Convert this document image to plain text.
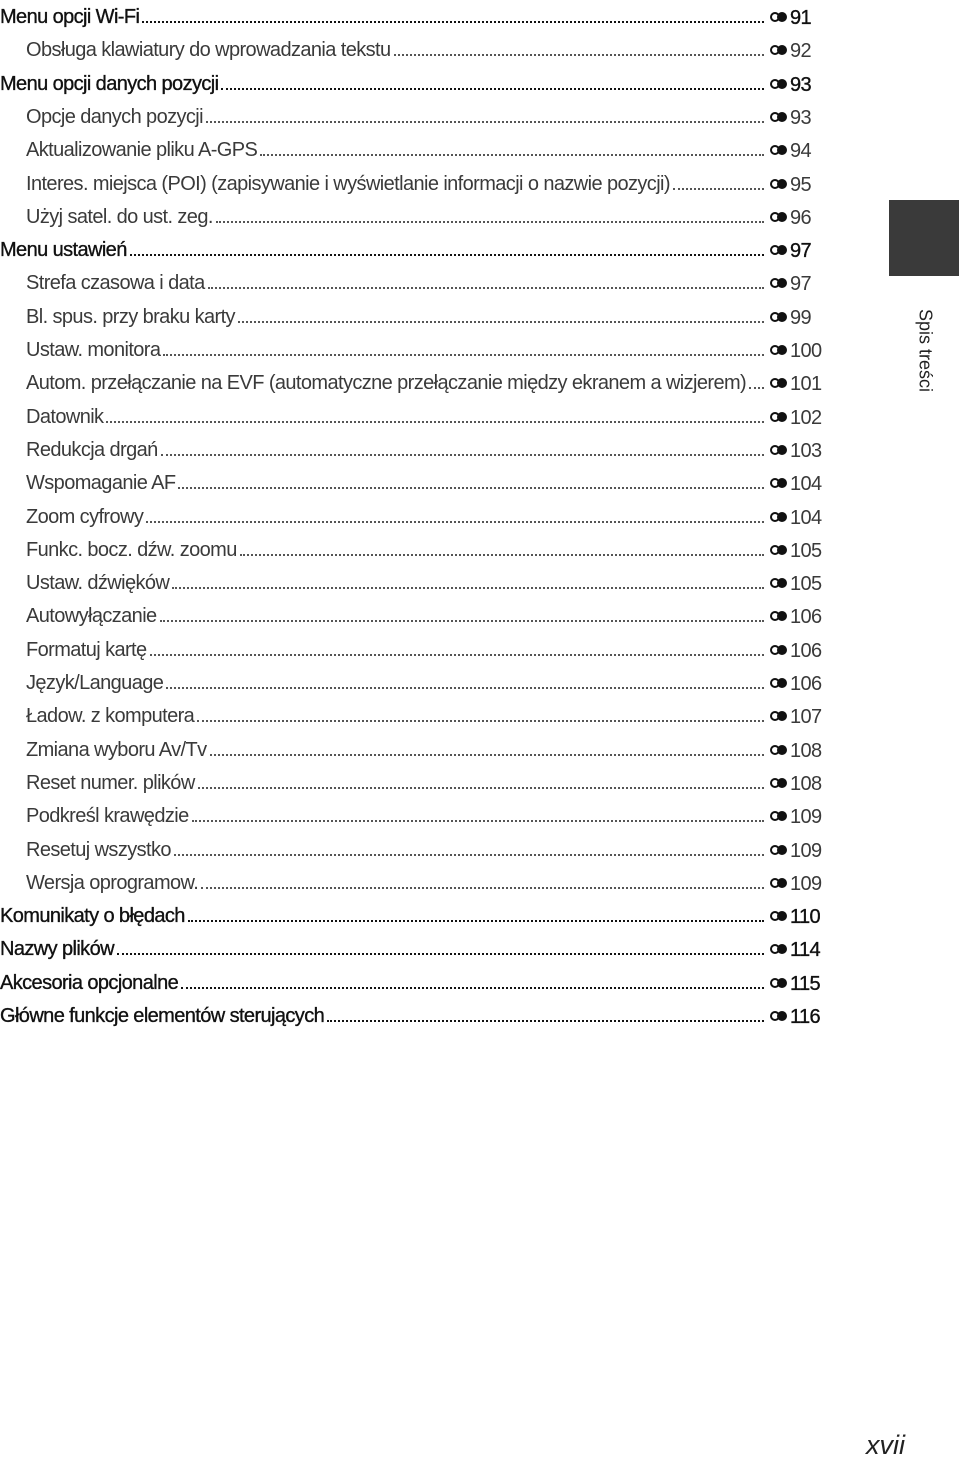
Menu opcji Wi-Fi	91
Obsługa klawiatury do wprowadzania tekstu	92
Menu opcji danych pozycji	93
Opcje danych pozycji	93
Aktualizowanie pliku A-GPS	94
Interes. miejsca (POI) (zapisywanie i wyświetlanie informacji o nazwie pozycji)	95
Użyj satel. do ust. zeg.	96
Menu ustawień	97
Strefa czasowa i data	97
Bl. spus. przy braku karty	99
Ustaw. monitora	100
Autom. przełączanie na EVF (automatyczne przełączanie między ekranem a wizjerem) 101
Datownik	102
Redukcja drgań	103
Wspomaganie AF	104
Zoom cyfrowy	104
Funkc. bocz. dźw. zoomu	105
Ustaw. dźwięków	105
Autowyłączanie	106
Formatuj kartę	106
Język/Language	106
Ładow. z komputera	107
Zmiana wyboru Av/Tv	108
Reset numer. plików	108
Podkreśl krawędzie	109
Resetuj wszystko	109
Wersja oprogramow.	109
Komunikaty o błędach	110
Nazwy plików	114
Akcesoria opcjonalne	115
Główne funkcje elementów sterujących	116
Spis treści
xvii
